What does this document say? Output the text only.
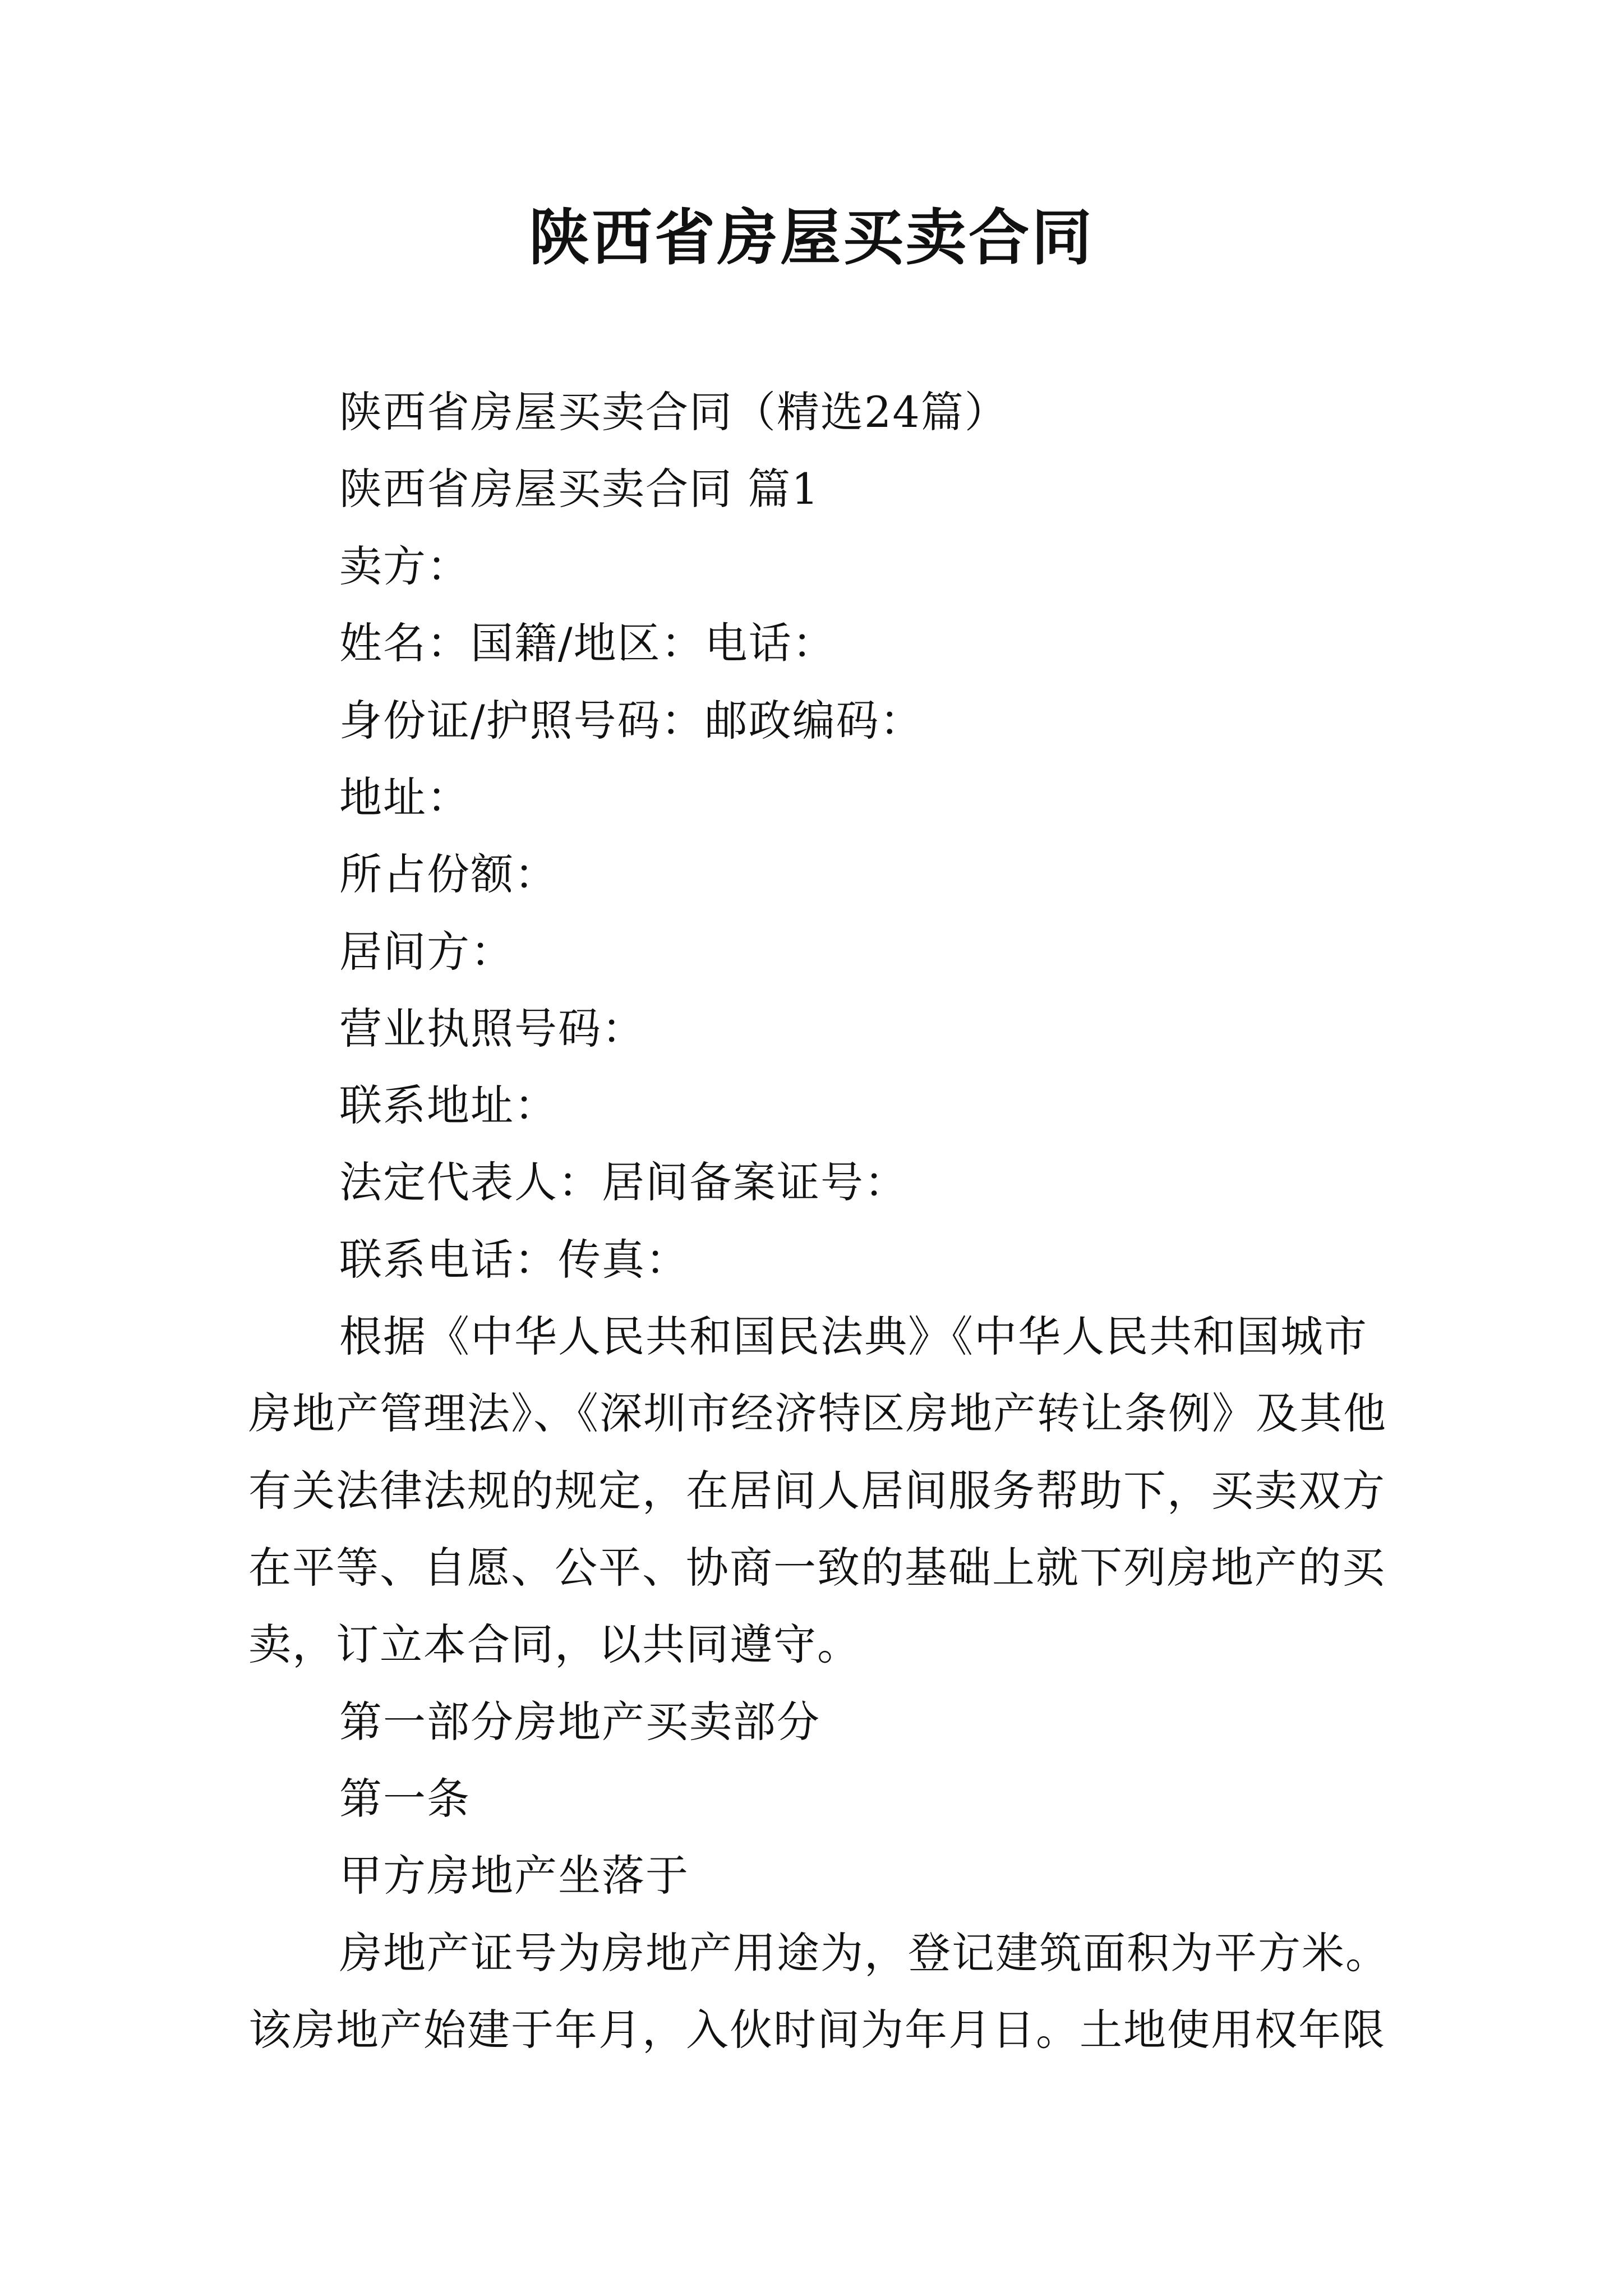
陕西省房屋买卖合同
陕西省房屋买卖合同（精选24篇）
陕西省房屋买卖合同 篇1
卖方：
姓名：国籍/地区：电话：
身份证/护照号码：邮政编码：
地址：
所占份额：
居间方：
营业执照号码：
联系地址：
法定代表人：居间备案证号：
联系电话：传真：
根据《中华人民共和国民法典》《中华人民共和国城市
房地产管理法》、《深圳市经济特区房地产转让条例》及其他
有关法律法规的规定，在居间人居间服务帮助下，买卖双方
在平等、自愿、公平、协商一致的基础上就下列房地产的买
卖，订立本合同，以共同遵守。
第一部分房地产买卖部分
第一条
甲方房地产坐落于
房地产证号为房地产用途为，登记建筑面积为平方米。
该房地产始建于年月，入伙时间为年月日。土地使用权年限
